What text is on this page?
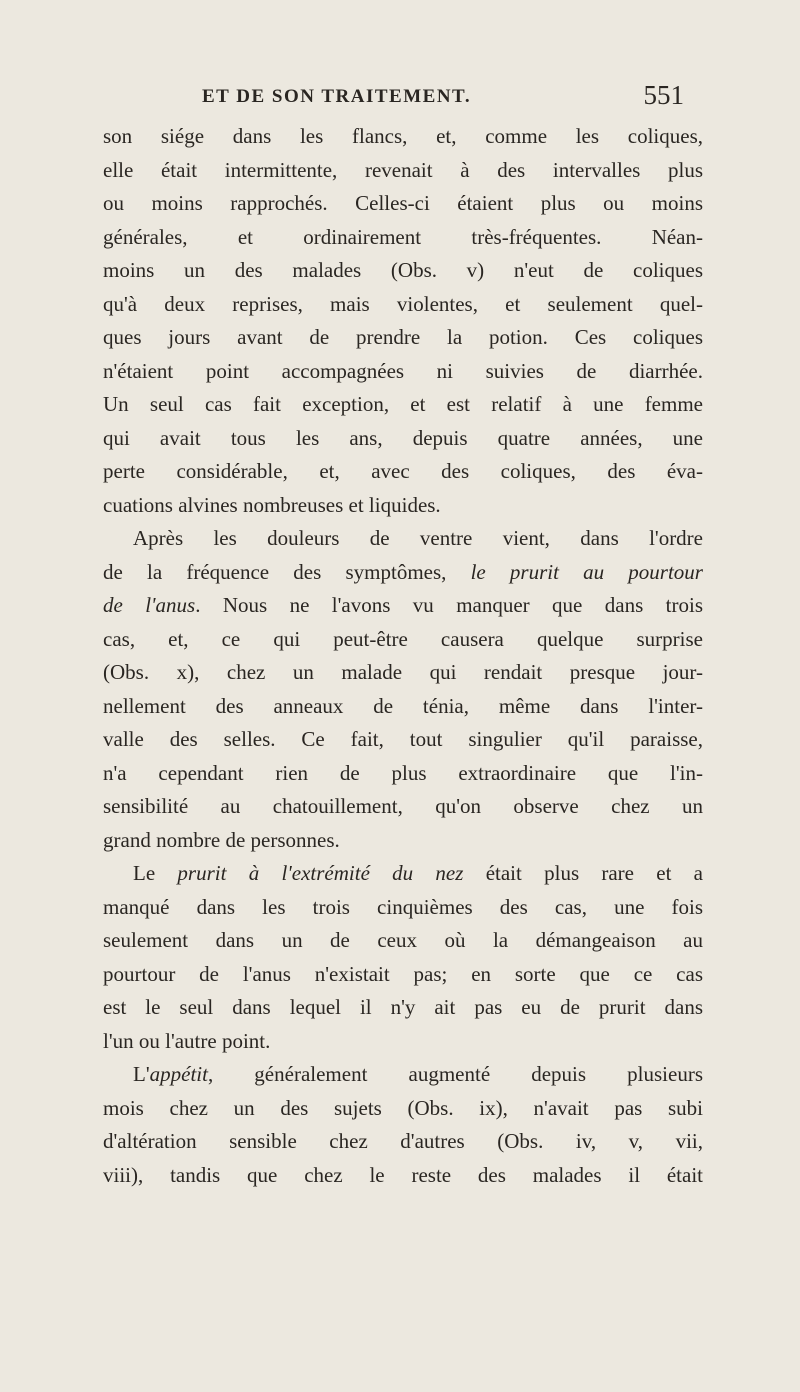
ET DE SON TRAITEMENT.	551
son siége dans les flancs, et, comme les coliques,
elle était intermittente, revenait à des intervalles plus
ou moins rapprochés. Celles-ci étaient plus ou moins
générales, et ordinairement très-fréquentes. Néan-
moins un des malades (Obs. v) n'eut de coliques
qu'à deux reprises, mais violentes, et seulement quel-
ques jours avant de prendre la potion. Ces coliques
n'étaient point accompagnées ni suivies de diarrhée.
Un seul cas fait exception, et est relatif à une femme
qui avait tous les ans, depuis quatre années, une
perte considérable, et, avec des coliques, des éva-
cuations alvines nombreuses et liquides.
Après les douleurs de ventre vient, dans l'ordre
de la fréquence des symptômes, le prurit au pourtour
de l'anus. Nous ne l'avons vu manquer que dans trois
cas, et, ce qui peut-être causera quelque surprise
(Obs. x), chez un malade qui rendait presque jour-
nellement des anneaux de ténia, même dans l'inter-
valle des selles. Ce fait, tout singulier qu'il paraisse,
n'a cependant rien de plus extraordinaire que l'in-
sensibilité au chatouillement, qu'on observe chez un
grand nombre de personnes.
Le prurit à l'extrémité du nez était plus rare et a
manqué dans les trois cinquièmes des cas, une fois
seulement dans un de ceux où la démangeaison au
pourtour de l'anus n'existait pas; en sorte que ce cas
est le seul dans lequel il n'y ait pas eu de prurit dans
l'un ou l'autre point.
L'appétit, généralement augmenté depuis plusieurs
mois chez un des sujets (Obs. ix), n'avait pas subi
d'altération sensible chez d'autres (Obs. iv, v, vii,
viii), tandis que chez le reste des malades il était
